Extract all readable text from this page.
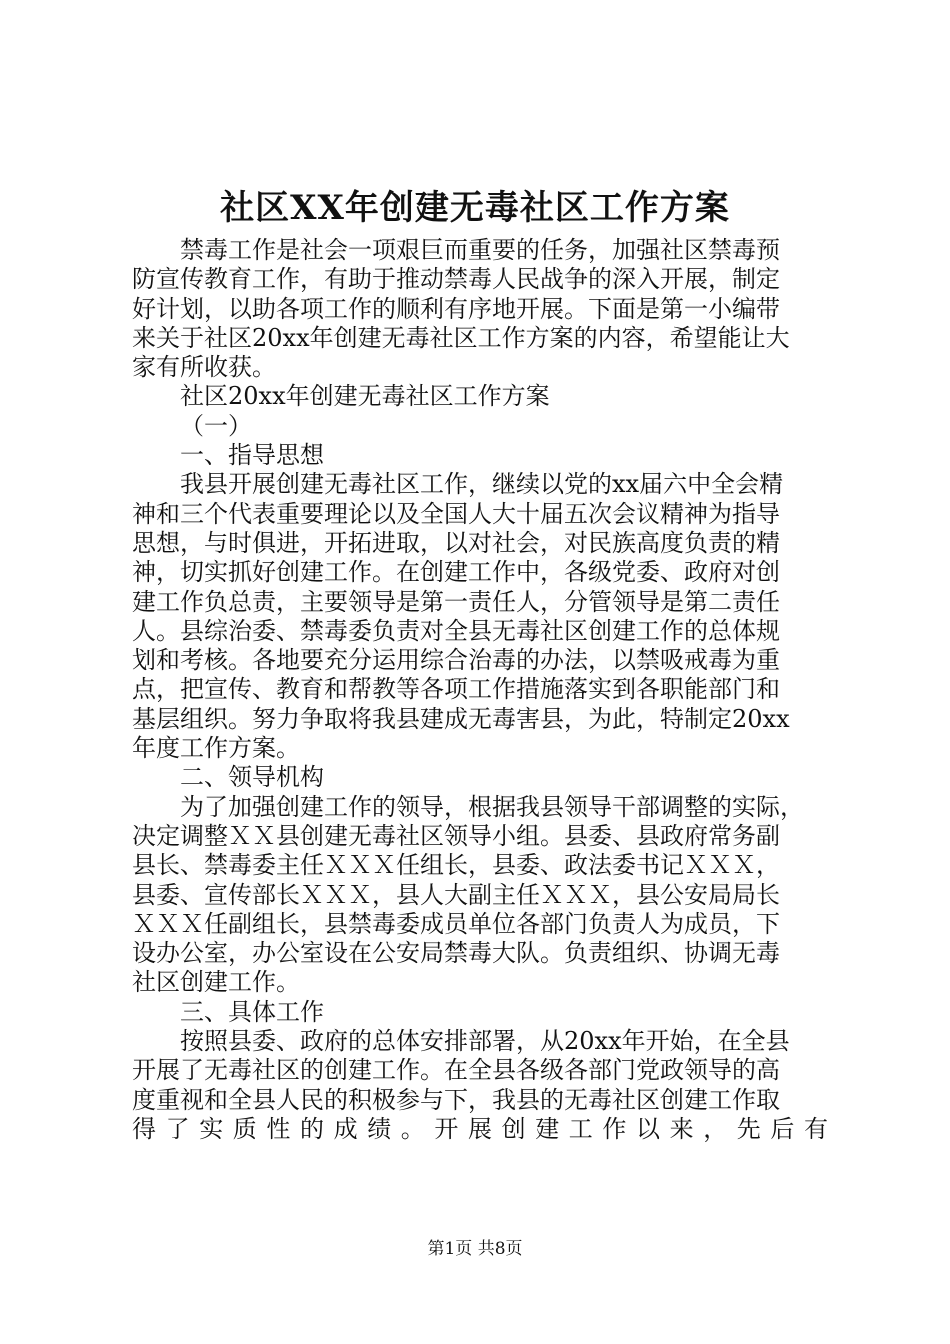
社区XX年创建无毒社区工作方案

禁毒工作是社会一项艰巨而重要的任务，加强社区禁毒预

防宣传教育工作，有助于推动禁毒人民战争的深入开展，制定

好计划，以助各项工作的顺利有序地开展。下面是第一小编带

来关于社区20xx年创建无毒社区工作方案的内容，希望能让大

家有所收获。

社区20xx年创建无毒社区工作方案

（一）

一、指导思想

我县开展创建无毒社区工作，继续以党的xx届六中全会精

神和三个代表重要理论以及全国人大十届五次会议精神为指导

思想，与时俱进，开拓进取，以对社会，对民族高度负责的精

神，切实抓好创建工作。在创建工作中，各级党委、政府对创

建工作负总责，主要领导是第一责任人，分管领导是第二责任

人。县综治委、禁毒委负责对全县无毒社区创建工作的总体规

划和考核。各地要充分运用综合治毒的办法，以禁吸戒毒为重

点，把宣传、教育和帮教等各项工作措施落实到各职能部门和

基层组织。努力争取将我县建成无毒害县，为此，特制定20xx

年度工作方案。

二、领导机构

为了加强创建工作的领导，根据我县领导干部调整的实际，

决定调整ＸＸ县创建无毒社区领导小组。县委、县政府常务副

县长、禁毒委主任ＸＸＸ任组长，县委、政法委书记ＸＸＸ，

县委、宣传部长ＸＸＸ，县人大副主任ＸＸＸ，县公安局局长

ＸＸＸ任副组长，县禁毒委成员单位各部门负责人为成员，下

设办公室，办公室设在公安局禁毒大队。负责组织、协调无毒

社区创建工作。

三、具体工作

按照县委、政府的总体安排部署，从20xx年开始，在全县

开展了无毒社区的创建工作。在全县各级各部门党政领导的高

度重视和全县人民的积极参与下，我县的无毒社区创建工作取

得了实质性的成绩。开展创建工作以来，先后有

第1页 共8页
